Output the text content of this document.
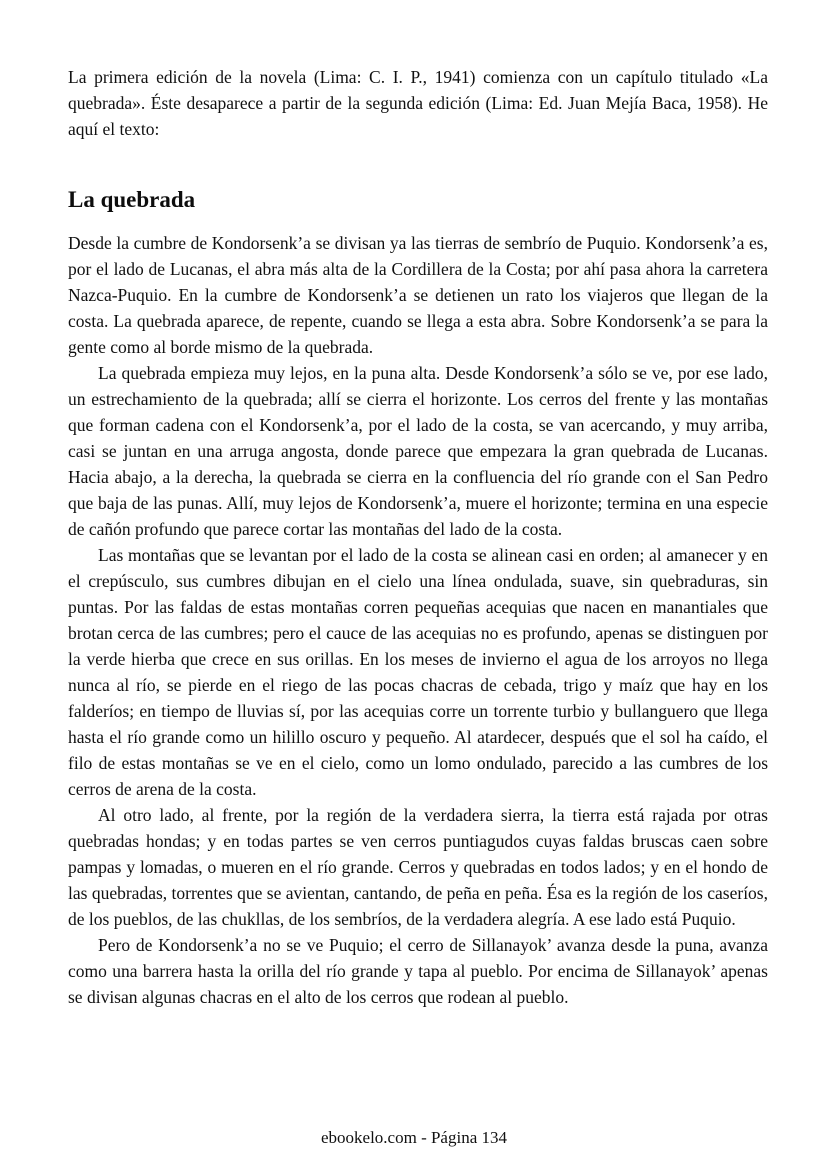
La primera edición de la novela (Lima: C. I. P., 1941) comienza con un capítulo titulado «La quebrada». Éste desaparece a partir de la segunda edición (Lima: Ed. Juan Mejía Baca, 1958). He aquí el texto:

La quebrada

Desde la cumbre de Kondorsenk’a se divisan ya las tierras de sembrío de Puquio. Kondorsenk’a es, por el lado de Lucanas, el abra más alta de la Cordillera de la Costa; por ahí pasa ahora la carretera Nazca-Puquio. En la cumbre de Kondorsenk’a se detienen un rato los viajeros que llegan de la costa. La quebrada aparece, de repente, cuando se llega a esta abra. Sobre Kondorsenk’a se para la gente como al borde mismo de la quebrada.

La quebrada empieza muy lejos, en la puna alta. Desde Kondorsenk’a sólo se ve, por ese lado, un estrechamiento de la quebrada; allí se cierra el horizonte. Los cerros del frente y las montañas que forman cadena con el Kondorsenk’a, por el lado de la costa, se van acercando, y muy arriba, casi se juntan en una arruga angosta, donde parece que empezara la gran quebrada de Lucanas. Hacia abajo, a la derecha, la quebrada se cierra en la confluencia del río grande con el San Pedro que baja de las punas. Allí, muy lejos de Kondorsenk’a, muere el horizonte; termina en una especie de cañón profundo que parece cortar las montañas del lado de la costa.

Las montañas que se levantan por el lado de la costa se alinean casi en orden; al amanecer y en el crepúsculo, sus cumbres dibujan en el cielo una línea ondulada, suave, sin quebraduras, sin puntas. Por las faldas de estas montañas corren pequeñas acequias que nacen en manantiales que brotan cerca de las cumbres; pero el cauce de las acequias no es profundo, apenas se distinguen por la verde hierba que crece en sus orillas. En los meses de invierno el agua de los arroyos no llega nunca al río, se pierde en el riego de las pocas chacras de cebada, trigo y maíz que hay en los falderíos; en tiempo de lluvias sí, por las acequias corre un torrente turbio y bullanguero que llega hasta el río grande como un hilillo oscuro y pequeño. Al atardecer, después que el sol ha caído, el filo de estas montañas se ve en el cielo, como un lomo ondulado, parecido a las cumbres de los cerros de arena de la costa.

Al otro lado, al frente, por la región de la verdadera sierra, la tierra está rajada por otras quebradas hondas; y en todas partes se ven cerros puntiagudos cuyas faldas bruscas caen sobre pampas y lomadas, o mueren en el río grande. Cerros y quebradas en todos lados; y en el hondo de las quebradas, torrentes que se avientan, cantando, de peña en peña. Ésa es la región de los caseríos, de los pueblos, de las chukllas, de los sembríos, de la verdadera alegría. A ese lado está Puquio.

Pero de Kondorsenk’a no se ve Puquio; el cerro de Sillanayok’ avanza desde la puna, avanza como una barrera hasta la orilla del río grande y tapa al pueblo. Por encima de Sillanayok’ apenas se divisan algunas chacras en el alto de los cerros que rodean al pueblo.

ebookelo.com - Página 134
